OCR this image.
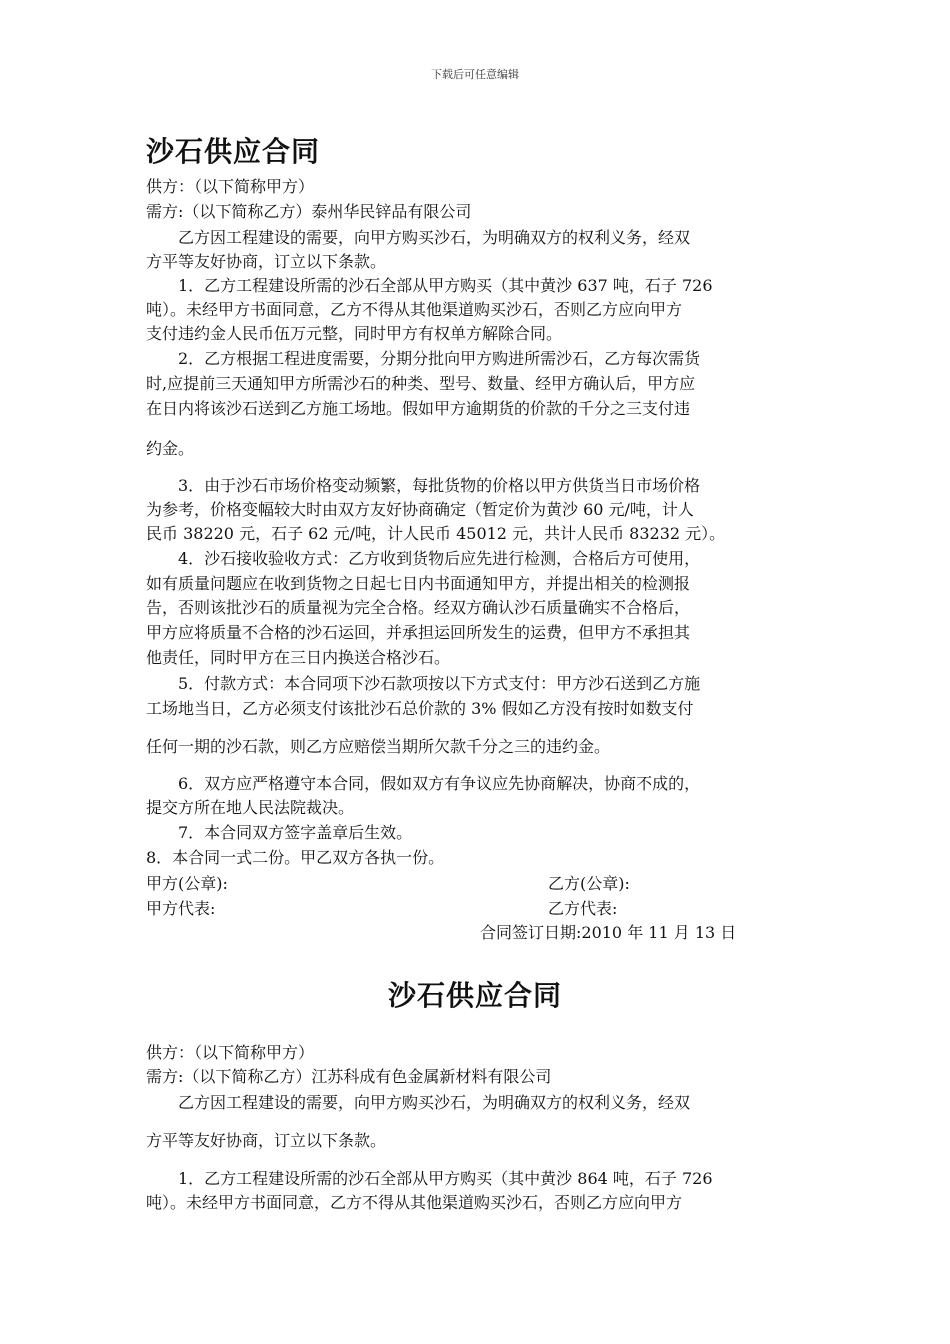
下载后可任意编辑
沙石供应合同
供方：（以下简称甲方）
需方:（以下简称乙方）泰州华民锌品有限公司
乙方因工程建设的需要，向甲方购买沙石，为明确双方的权利义务，经双
方平等友好协商，订立以下条款。
1．乙方工程建设所需的沙石全部从甲方购买（其中黄沙 637 吨，石子 726
吨）。未经甲方书面同意，乙方不得从其他渠道购买沙石，否则乙方应向甲方
支付违约金人民币伍万元整，同时甲方有权单方解除合同。
2．乙方根据工程进度需要，分期分批向甲方购进所需沙石，乙方每次需货
时,应提前三天通知甲方所需沙石的种类、型号、数量、经甲方确认后，甲方应
在日内将该沙石送到乙方施工场地。假如甲方逾期货的价款的千分之三支付违
约金。
3．由于沙石市场价格变动频繁，每批货物的价格以甲方供货当日市场价格
为参考，价格变幅较大时由双方友好协商确定（暂定价为黄沙 60 元/吨，计人
民币 38220 元，石子 62 元/吨，计人民币 45012 元，共计人民币 83232 元）。
4．沙石接收验收方式：乙方收到货物后应先进行检测，合格后方可使用，
如有质量问题应在收到货物之日起七日内书面通知甲方，并提出相关的检测报
告，否则该批沙石的质量视为完全合格。经双方确认沙石质量确实不合格后，
甲方应将质量不合格的沙石运回，并承担运回所发生的运费，但甲方不承担其
他责任，同时甲方在三日内换送合格沙石。
5．付款方式：本合同项下沙石款项按以下方式支付：甲方沙石送到乙方施
工场地当日，乙方必须支付该批沙石总价款的 3% 假如乙方没有按时如数支付
任何一期的沙石款，则乙方应赔偿当期所欠款千分之三的违约金。
6．双方应严格遵守本合同，假如双方有争议应先协商解决，协商不成的，
提交方所在地人民法院裁决。
7．本合同双方签字盖章后生效。
8．本合同一式二份。甲乙双方各执一份。
甲方(公章):	乙方(公章):
甲方代表:	乙方代表:
合同签订日期:2010 年 11 月 13 日
沙石供应合同
供方：（以下简称甲方）
需方:（以下简称乙方）江苏科成有色金属新材料有限公司
乙方因工程建设的需要，向甲方购买沙石，为明确双方的权利义务，经双
方平等友好协商，订立以下条款。
1．乙方工程建设所需的沙石全部从甲方购买（其中黄沙 864 吨，石子 726
吨）。未经甲方书面同意，乙方不得从其他渠道购买沙石，否则乙方应向甲方
